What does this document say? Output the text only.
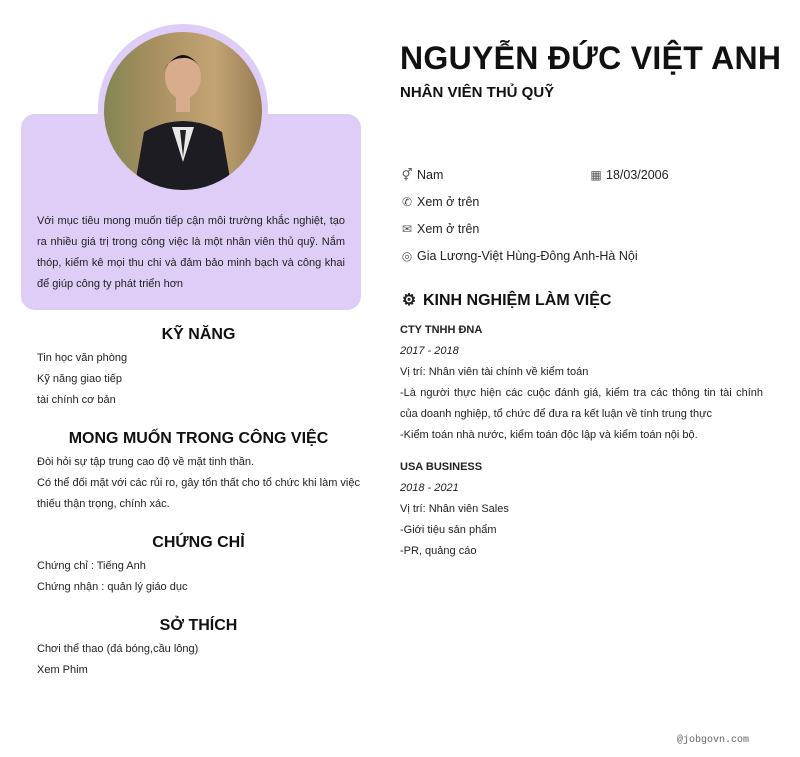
Với mục tiêu mong muốn tiếp cận môi trường khắc nghiệt, tạo ra nhiều giá trị trong công việc là một nhân viên thủ quỹ. Nắm thóp, kiểm kê mọi thu chi và đảm bảo minh bạch và công khai để giúp công ty phát triển hơn
KỸ NĂNG

Tin học văn phòng

Kỹ năng giao tiếp

tài chính cơ bản

MONG MUỐN TRONG CÔNG VIỆC

Đòi hỏi sự tập trung cao độ về mặt tinh thần.

Có thể đối mặt với các rủi ro, gây tổn thất cho tổ chức khi làm việc thiếu thận trọng, chính xác.

CHỨNG CHỈ

Chứng chỉ : Tiếng Anh

Chứng nhận : quản lý giáo dục

SỞ THÍCH

Chơi thể thao (đá bóng,cầu lông)

Xem Phim

NGUYỄN ĐỨC VIỆT ANH
NHÂN VIÊN THỦ QUỸ
⚥ Nam	▦ 18/03/2006
✆ Xem ở trên
✉ Xem ở trên
◎ Gia Lương-Việt Hùng-Đông Anh-Hà Nội
⚙ KINH NGHIỆM LÀM VIỆC
CTY TNHH ĐNA
2017 - 2018
Vị trí: Nhân viên tài chính về kiểm toán
-Là người thực hiện các cuộc đánh giá, kiểm tra các thông tin tài chính của doanh nghiệp, tổ chức để đưa ra kết luận về tính trung thực
-Kiểm toán nhà nước, kiểm toán độc lập và kiểm toán nội bộ.
USA BUSINESS
2018 - 2021
Vị trí: Nhân viên Sales
-Giới tiệu sản phẩm
-PR, quảng cáo
@jobgovn.com
